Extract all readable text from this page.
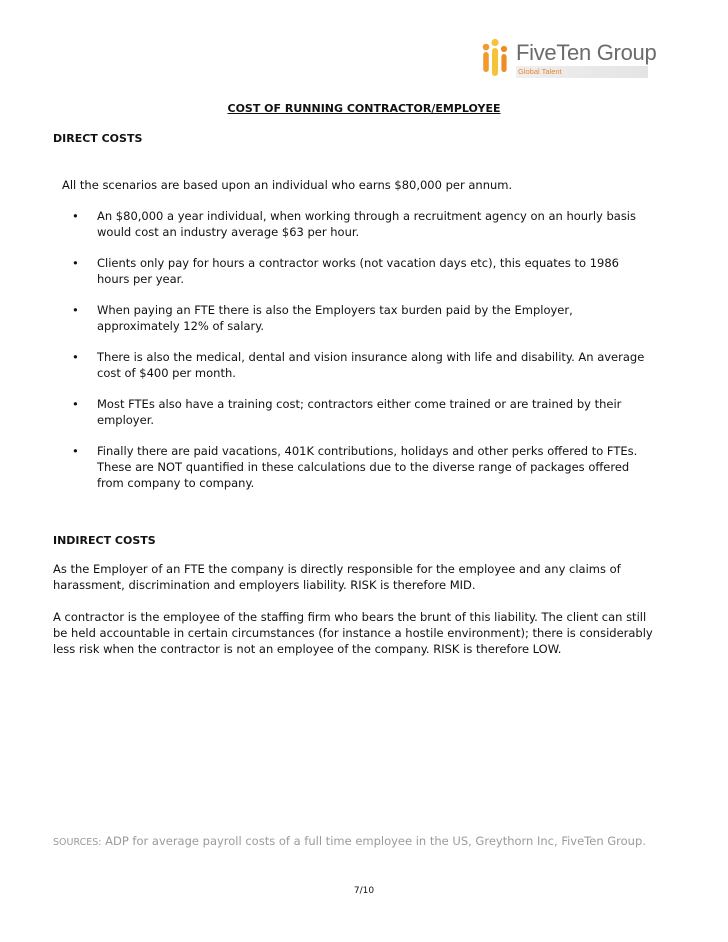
FiveTen Group
Global Talent
COST OF RUNNING CONTRACTOR/EMPLOYEE
DIRECT COSTS
All the scenarios are based upon an individual who earns $80,000 per annum.
• An $80,000 a year individual, when working through a recruitment agency on an hourly basis would cost an industry average $63 per hour.
• Clients only pay for hours a contractor works (not vacation days etc), this equates to 1986 hours per year.
• When paying an FTE there is also the Employers tax burden paid by the Employer, approximately 12% of salary.
• There is also the medical, dental and vision insurance along with life and disability. An average cost of $400 per month.
• Most FTEs also have a training cost; contractors either come trained or are trained by their employer.
• Finally there are paid vacations, 401K contributions, holidays and other perks offered to FTEs. These are NOT quantified in these calculations due to the diverse range of packages offered from company to company.
INDIRECT COSTS
As the Employer of an FTE the company is directly responsible for the employee and any claims of harassment, discrimination and employers liability. RISK is therefore MID.
A contractor is the employee of the staffing firm who bears the brunt of this liability. The client can still be held accountable in certain circumstances (for instance a hostile environment); there is considerably less risk when the contractor is not an employee of the company. RISK is therefore LOW.
SOURCES: ADP for average payroll costs of a full time employee in the US, Greythorn Inc, FiveTen Group.
7/10
